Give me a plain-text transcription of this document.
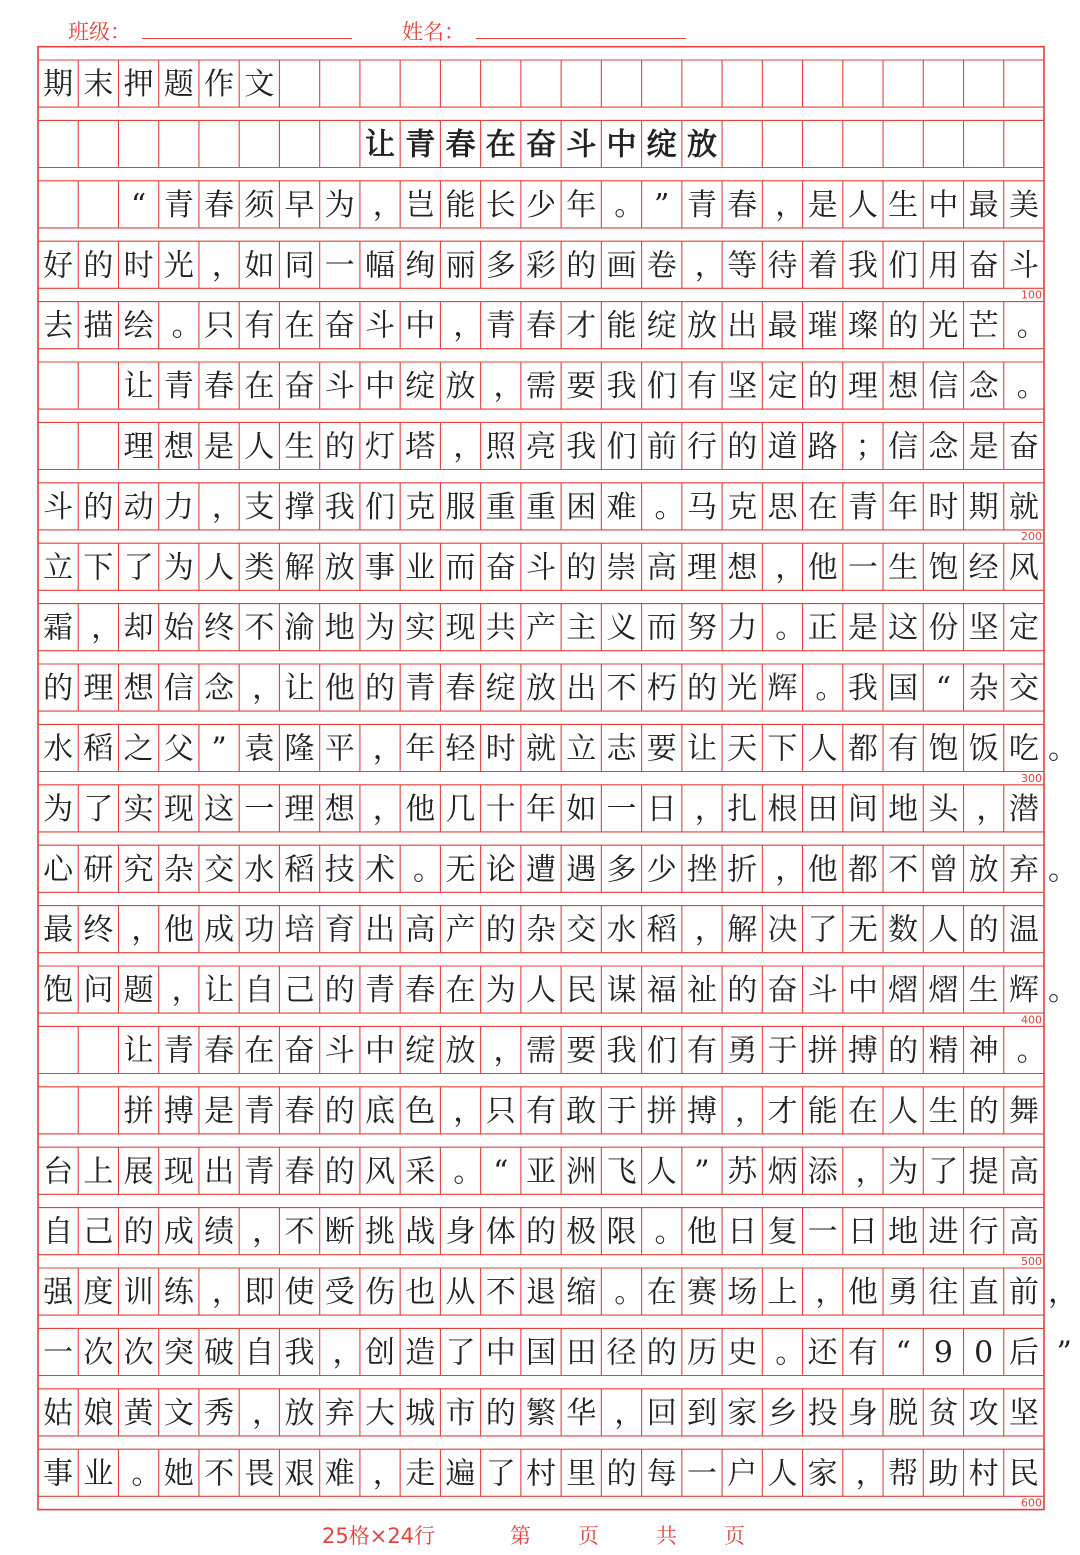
班级：	姓名：
期 末 押 题 作 文
让 青 春 在 奋 斗 中 绽 放
“ 青 春 须 早 为 ， 岂 能 长 少 年 。 ” 青 春 ， 是 人 生 中 最 美
好 的 时 光 ， 如 同 一 幅 绚 丽 多 彩 的 画 卷 ， 等 待 着 我 们 用 奋 斗
100
去 描 绘 。 只 有 在 奋 斗 中 ， 青 春 才 能 绽 放 出 最 璀 璨 的 光 芒 。
让 青 春 在 奋 斗 中 绽 放 ， 需 要 我 们 有 坚 定 的 理 想 信 念 。
理 想 是 人 生 的 灯 塔 ， 照 亮 我 们 前 行 的 道 路 ； 信 念 是 奋
斗 的 动 力 ， 支 撑 我 们 克 服 重 重 困 难 。 马 克 思 在 青 年 时 期 就
200
立 下 了 为 人 类 解 放 事 业 而 奋 斗 的 崇 高 理 想 ， 他 一 生 饱 经 风
霜 ， 却 始 终 不 渝 地 为 实 现 共 产 主 义 而 努 力 。 正 是 这 份 坚 定
的 理 想 信 念 ， 让 他 的 青 春 绽 放 出 不 朽 的 光 辉 。 我 国 “ 杂 交
水 稻 之 父 ” 袁 隆 平 ， 年 轻 时 就 立 志 要 让 天 下 人 都 有 饱 饭 吃 。
300
为 了 实 现 这 一 理 想 ， 他 几 十 年 如 一 日 ， 扎 根 田 间 地 头 ， 潜
心 研 究 杂 交 水 稻 技 术 。 无 论 遭 遇 多 少 挫 折 ， 他 都 不 曾 放 弃 。
最 终 ， 他 成 功 培 育 出 高 产 的 杂 交 水 稻 ， 解 决 了 无 数 人 的 温
饱 问 题 ， 让 自 己 的 青 春 在 为 人 民 谋 福 祉 的 奋 斗 中 熠 熠 生 辉 。
400
让 青 春 在 奋 斗 中 绽 放 ， 需 要 我 们 有 勇 于 拼 搏 的 精 神 。
拼 搏 是 青 春 的 底 色 ， 只 有 敢 于 拼 搏 ， 才 能 在 人 生 的 舞
台 上 展 现 出 青 春 的 风 采 。 “ 亚 洲 飞 人 ” 苏 炳 添 ， 为 了 提 高
自 己 的 成 绩 ， 不 断 挑 战 身 体 的 极 限 。 他 日 复 一 日 地 进 行 高
500
强 度 训 练 ， 即 使 受 伤 也 从 不 退 缩 。 在 赛 场 上 ， 他 勇 往 直 前 ，
一 次 次 突 破 自 我 ， 创 造 了 中 国 田 径 的 历 史 。 还 有 “ 9 0 后 ”
姑 娘 黄 文 秀 ， 放 弃 大 城 市 的 繁 华 ， 回 到 家 乡 投 身 脱 贫 攻 坚
事 业 。 她 不 畏 艰 难 ， 走 遍 了 村 里 的 每 一 户 人 家 ， 帮 助 村 民
600
25格×24行	第 页	共 页
